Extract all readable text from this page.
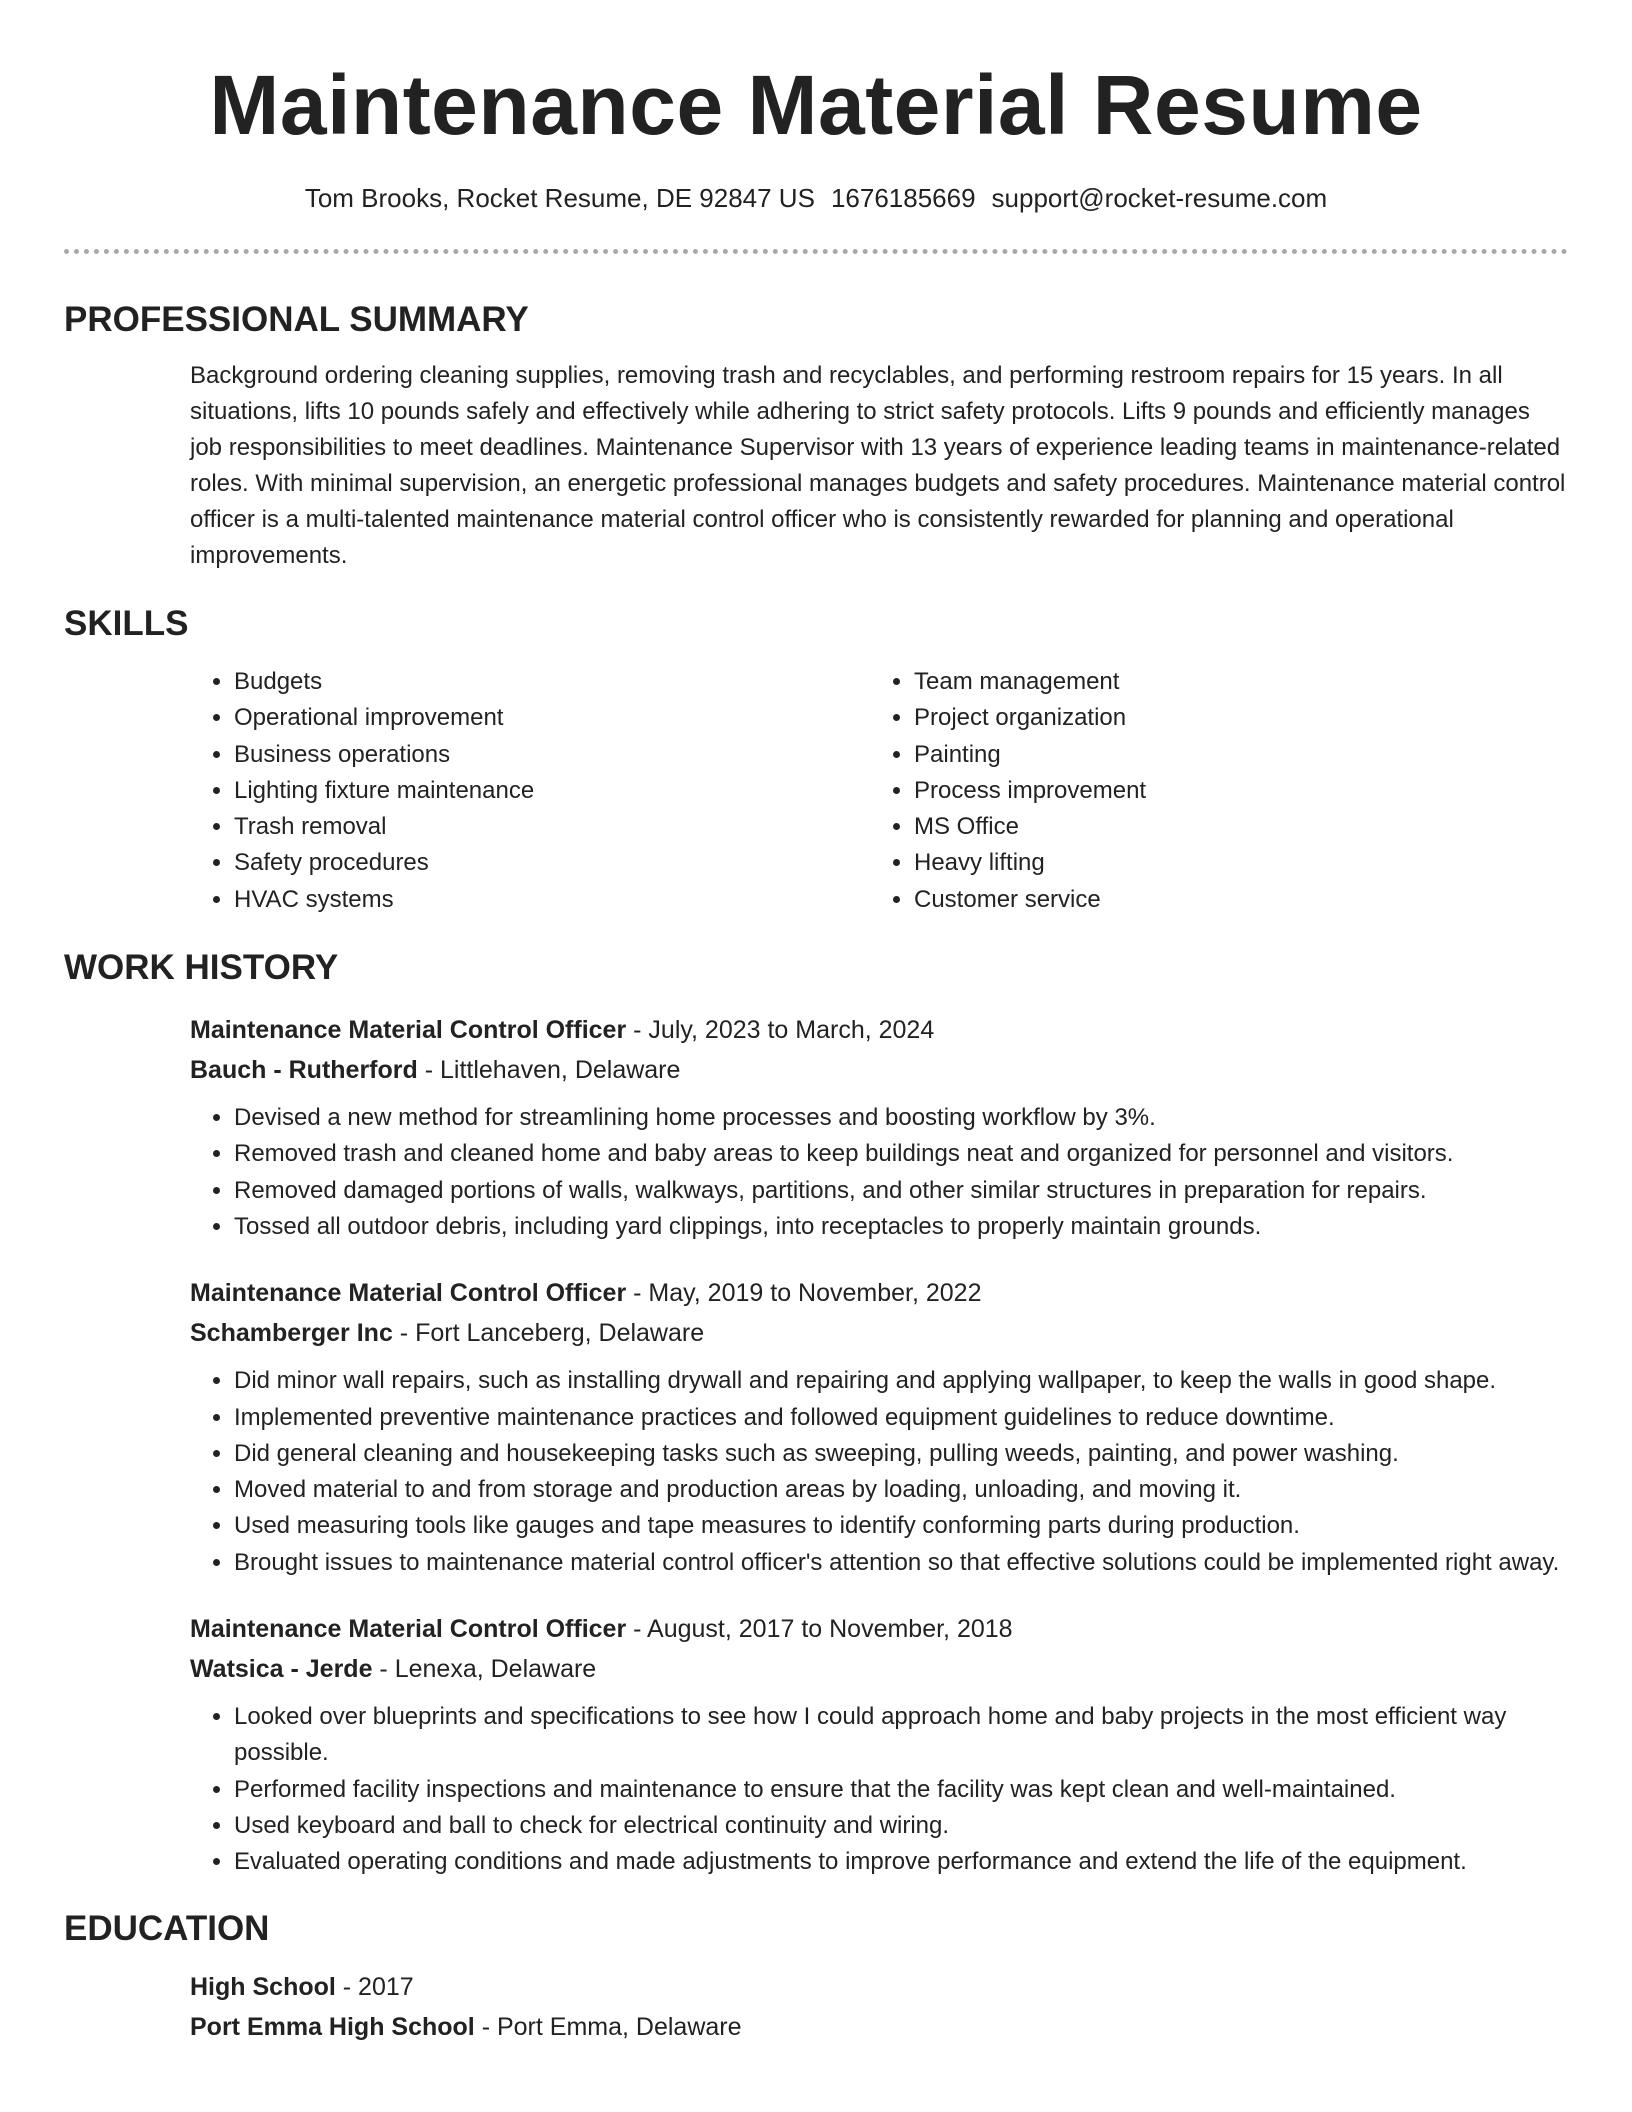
Maintenance Material Resume
Tom Brooks, Rocket Resume, DE 92847 US 1676185669 support@rocket-resume.com
PROFESSIONAL SUMMARY
Background ordering cleaning supplies, removing trash and recyclables, and performing restroom repairs for 15 years. In all situations, lifts 10 pounds safely and effectively while adhering to strict safety protocols. Lifts 9 pounds and efficiently manages job responsibilities to meet deadlines. Maintenance Supervisor with 13 years of experience leading teams in maintenance-related roles. With minimal supervision, an energetic professional manages budgets and safety procedures. Maintenance material control officer is a multi-talented maintenance material control officer who is consistently rewarded for planning and operational improvements.
SKILLS
• Budgets
• Operational improvement
• Business operations
• Lighting fixture maintenance
• Trash removal
• Safety procedures
• HVAC systems
• Team management
• Project organization
• Painting
• Process improvement
• MS Office
• Heavy lifting
• Customer service
WORK HISTORY
Maintenance Material Control Officer - July, 2023 to March, 2024
Bauch - Rutherford - Littlehaven, Delaware
• Devised a new method for streamlining home processes and boosting workflow by 3%.
• Removed trash and cleaned home and baby areas to keep buildings neat and organized for personnel and visitors.
• Removed damaged portions of walls, walkways, partitions, and other similar structures in preparation for repairs.
• Tossed all outdoor debris, including yard clippings, into receptacles to properly maintain grounds.
Maintenance Material Control Officer - May, 2019 to November, 2022
Schamberger Inc - Fort Lanceberg, Delaware
• Did minor wall repairs, such as installing drywall and repairing and applying wallpaper, to keep the walls in good shape.
• Implemented preventive maintenance practices and followed equipment guidelines to reduce downtime.
• Did general cleaning and housekeeping tasks such as sweeping, pulling weeds, painting, and power washing.
• Moved material to and from storage and production areas by loading, unloading, and moving it.
• Used measuring tools like gauges and tape measures to identify conforming parts during production.
• Brought issues to maintenance material control officer's attention so that effective solutions could be implemented right away.
Maintenance Material Control Officer - August, 2017 to November, 2018
Watsica - Jerde - Lenexa, Delaware
• Looked over blueprints and specifications to see how I could approach home and baby projects in the most efficient way possible.
• Performed facility inspections and maintenance to ensure that the facility was kept clean and well-maintained.
• Used keyboard and ball to check for electrical continuity and wiring.
• Evaluated operating conditions and made adjustments to improve performance and extend the life of the equipment.
EDUCATION
High School - 2017
Port Emma High School - Port Emma, Delaware
